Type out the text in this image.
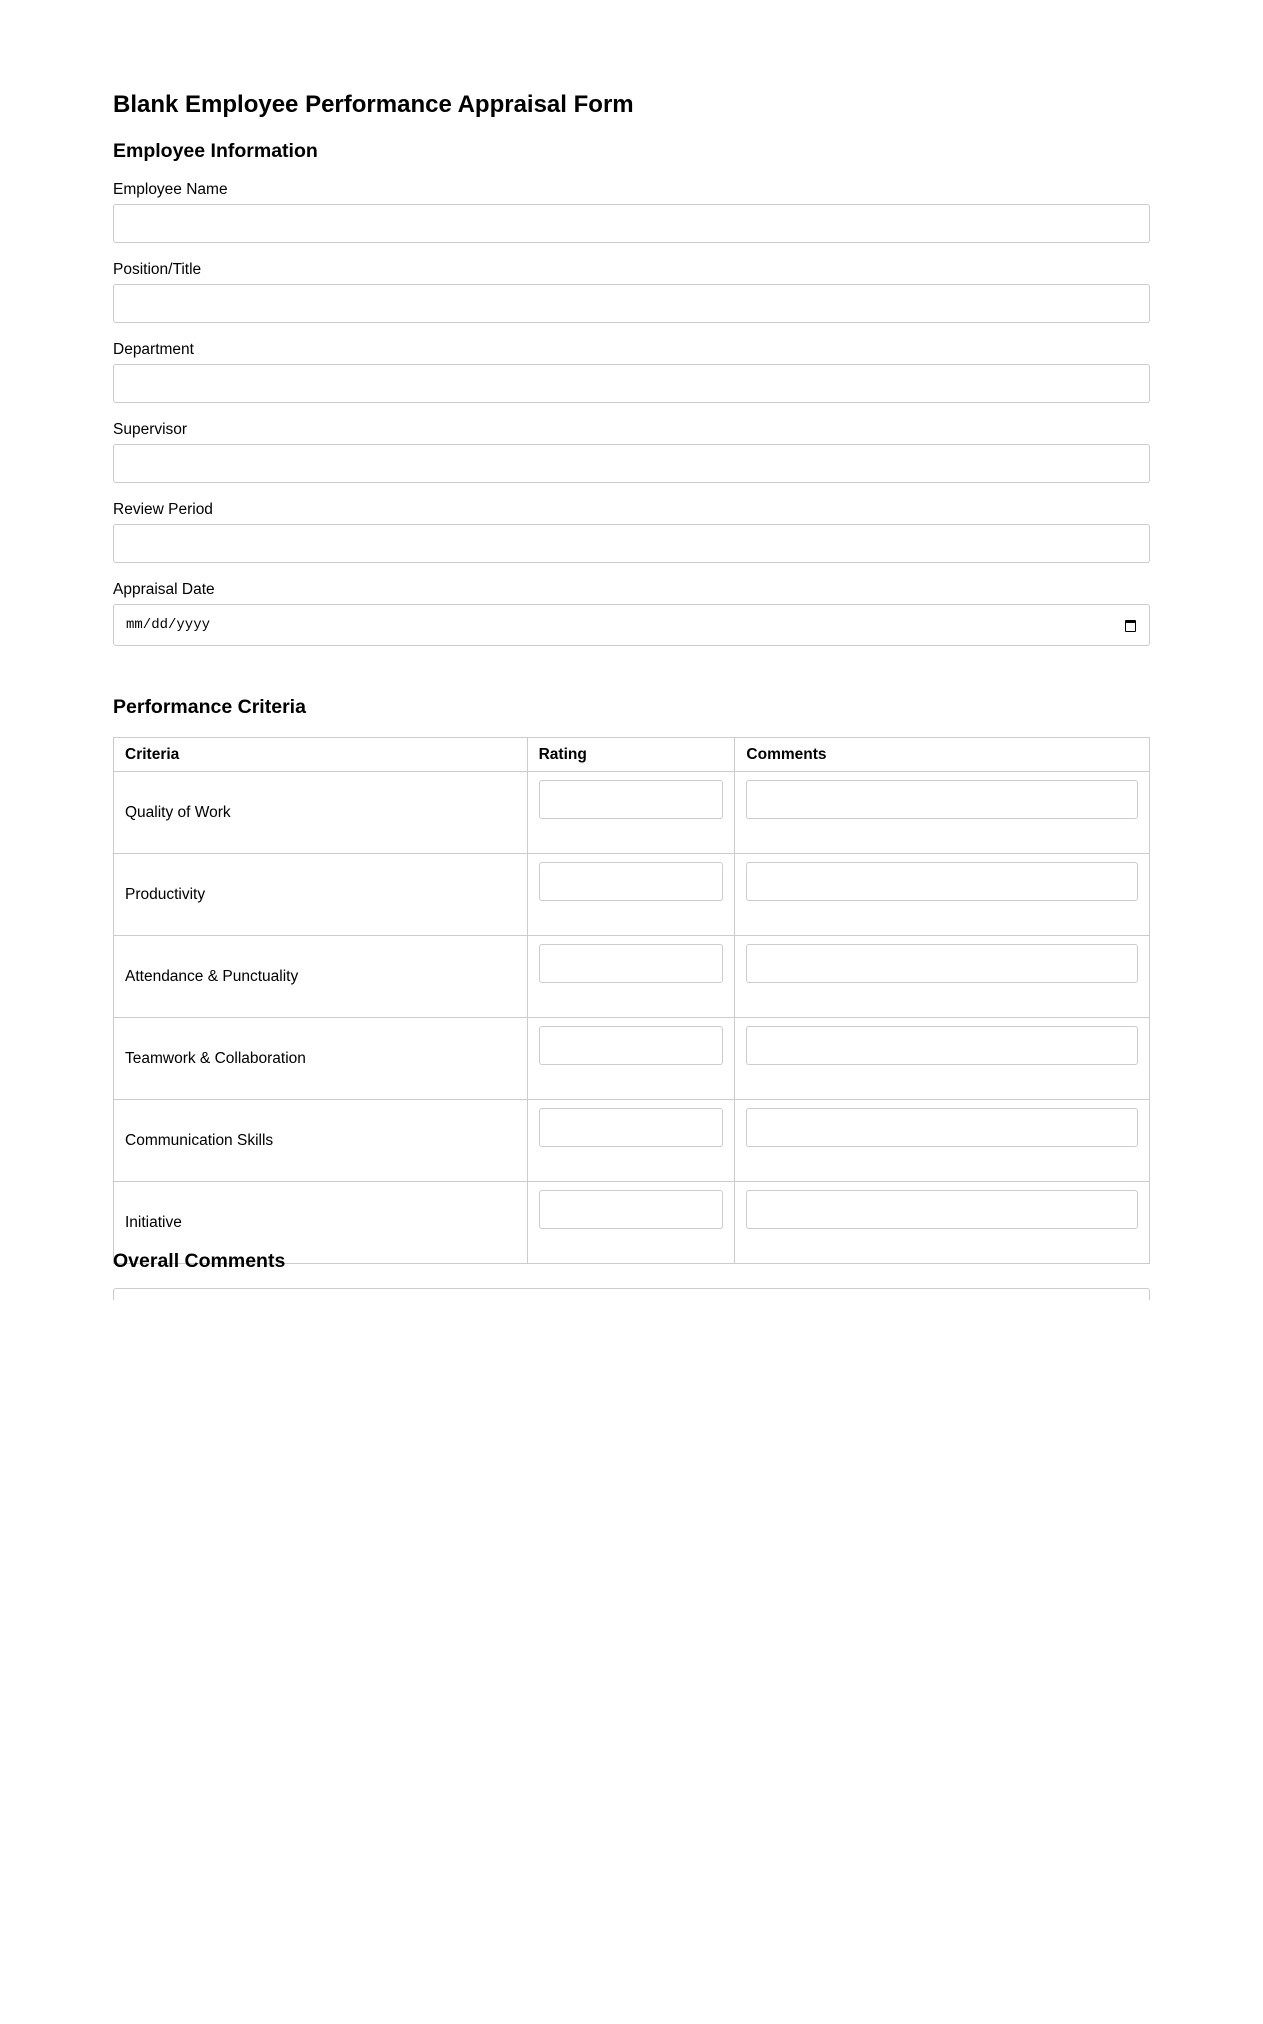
Blank Employee Performance Appraisal Form
Employee Information
Employee Name
Position/Title
Department
Supervisor
Review Period
Appraisal Date
mm/dd/yyyy
Performance Criteria
Criteria	Rating	Comments
Quality of Work	

Productivity	

Attendance & Punctuality	

Teamwork & Collaboration	

Communication Skills	

Initiative	

Overall Comments
